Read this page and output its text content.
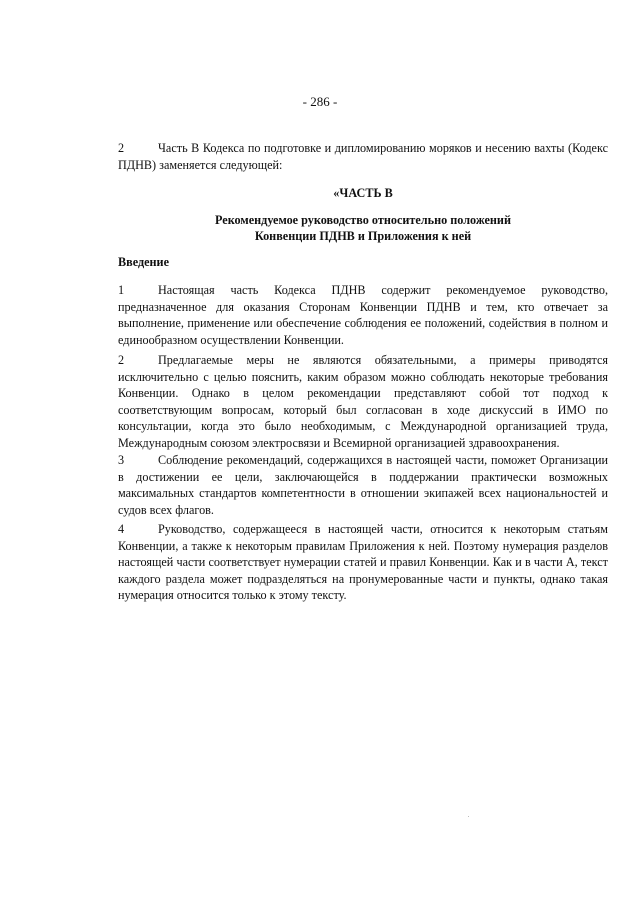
- 286 -

2	Часть В Кодекса по подготовке и дипломированию моряков и несению вахты (Кодекс ПДНВ) заменяется следующей:

«ЧАСТЬ В
Рекомендуемое руководство относительно положений
Конвенции ПДНВ и Приложения к ней
Введение

1	Настоящая часть Кодекса ПДНВ содержит рекомендуемое руководство, предназначенное для оказания Сторонам Конвенции ПДНВ и тем, кто отвечает за выполнение, применение или обеспечение соблюдения ее положений, содействия в полном и единообразном осуществлении Конвенции.

2	Предлагаемые меры не являются обязательными, а примеры приводятся исключительно с целью пояснить, каким образом можно соблюдать некоторые требования Конвенции. Однако в целом рекомендации представляют собой тот подход к соответствующим вопросам, который был согласован в ходе дискуссий в ИМО по консультации, когда это было необходимым, с Международной организацией труда, Международным союзом электросвязи и Всемирной организацией здравоохранения.

3	Соблюдение рекомендаций, содержащихся в настоящей части, поможет Организации в достижении ее цели, заключающейся в поддержании практически возможных максимальных стандартов компетентности в отношении экипажей всех национальностей и судов всех флагов.

4	Руководство, содержащееся в настоящей части, относится к некоторым статьям Конвенции, а также к некоторым правилам Приложения к ней. Поэтому нумерация разделов настоящей части соответствует нумерации статей и правил Конвенции. Как и в части А, текст каждого раздела может подразделяться на пронумерованные части и пункты, однако такая нумерация относится только к этому тексту.
